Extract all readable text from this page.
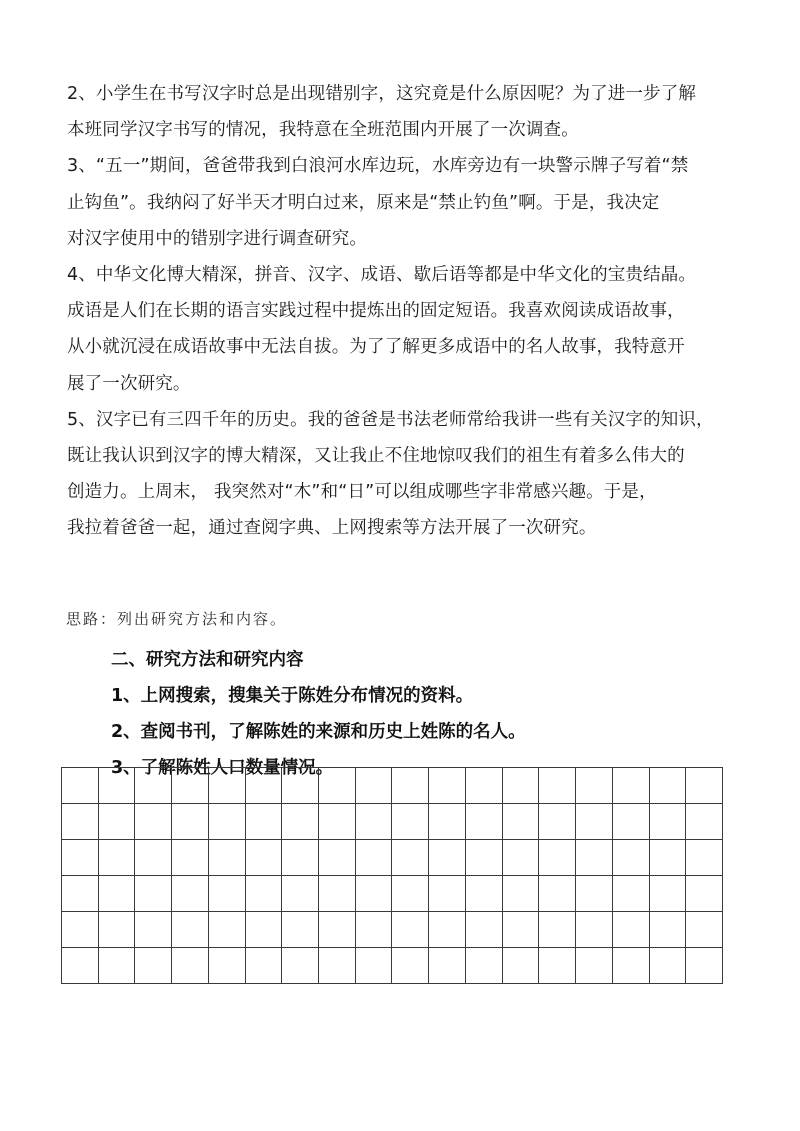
2、小学生在书写汉字时总是出现错别字，这究竟是什么原因呢？为了进一步了解
本班同学汉字书写的情况，我特意在全班范围内开展了一次调查。
3、“五一”期间，爸爸带我到白浪河水库边玩，水库旁边有一块警示牌子写着“禁
止钩鱼”。我纳闷了好半天才明白过来，原来是“禁止钓鱼”啊。于是，我决定
对汉字使用中的错别字进行调查研究。
4、中华文化博大精深，拼音、汉字、成语、歇后语等都是中华文化的宝贵结晶。
成语是人们在长期的语言实践过程中提炼出的固定短语。我喜欢阅读成语故事，
从小就沉浸在成语故事中无法自拔。为了了解更多成语中的名人故事，我特意开
展了一次研究。
5、汉字已有三四千年的历史。我的爸爸是书法老师常给我讲一些有关汉字的知识，
既让我认识到汉字的博大精深，又让我止不住地惊叹我们的祖生有着多么伟大的
创造力。上周末， 我突然对“木”和“日”可以组成哪些字非常感兴趣。于是，
我拉着爸爸一起，通过查阅字典、上网搜索等方法开展了一次研究。
思路：列出研究方法和内容。
二、研究方法和研究内容
1、上网搜索，搜集关于陈姓分布情况的资料。
2、查阅书刊，了解陈姓的来源和历史上姓陈的名人。
3、了解陈姓人口数量情况。
